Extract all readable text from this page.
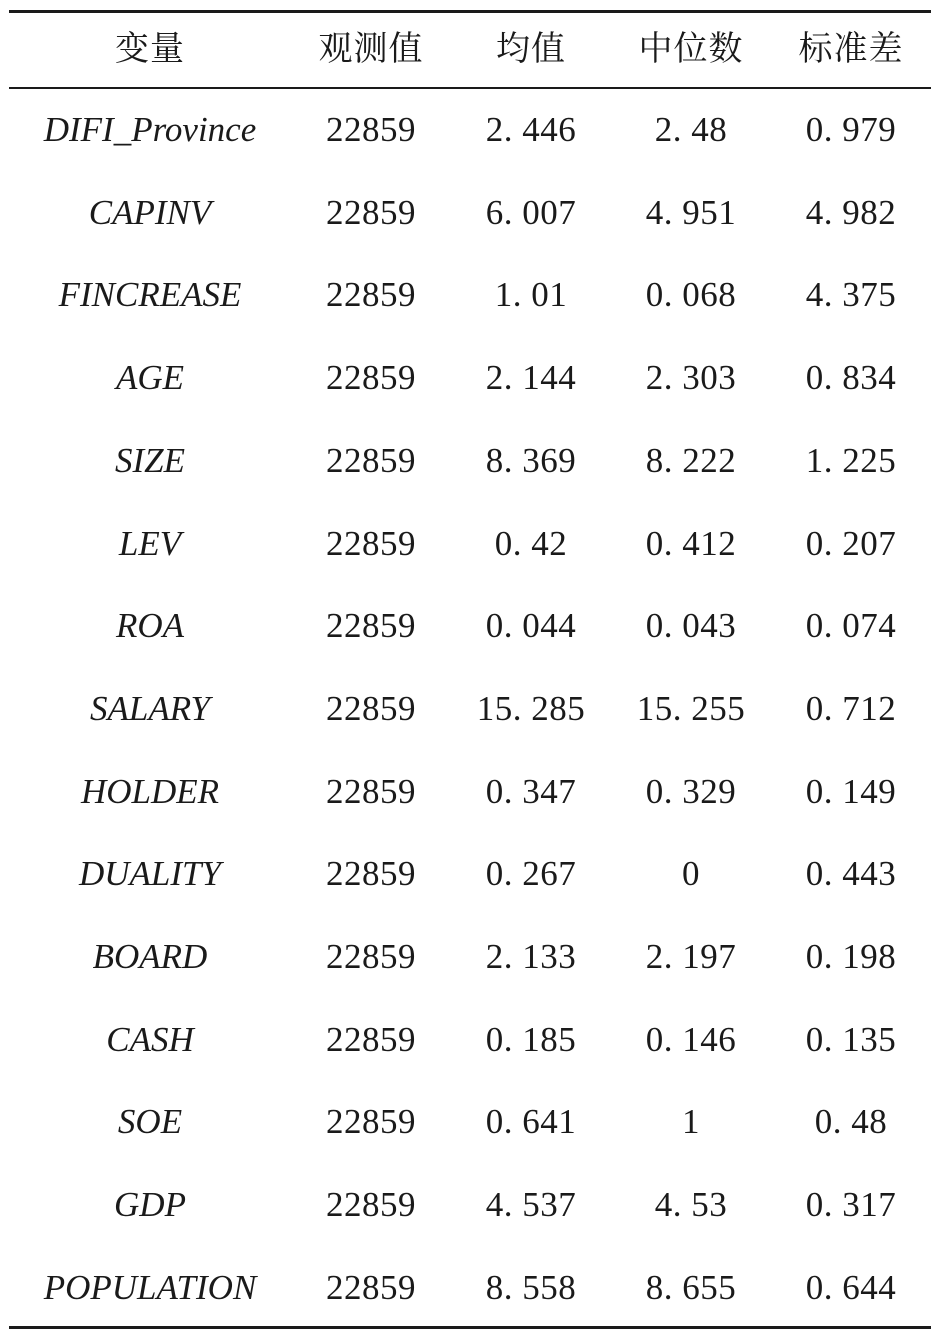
变量	观测值	均值	中位数	标准差
DIFI_Province	22859	2. 446	2. 48	0. 979
CAPINV	22859	6. 007	4. 951	4. 982
FINCREASE	22859	1. 01	0. 068	4. 375
AGE	22859	2. 144	2. 303	0. 834
SIZE	22859	8. 369	8. 222	1. 225
LEV	22859	0. 42	0. 412	0. 207
ROA	22859	0. 044	0. 043	0. 074
SALARY	22859	15. 285	15. 255	0. 712
HOLDER	22859	0. 347	0. 329	0. 149
DUALITY	22859	0. 267	0	0. 443
BOARD	22859	2. 133	2. 197	0. 198
CASH	22859	0. 185	0. 146	0. 135
SOE	22859	0. 641	1	0. 48
GDP	22859	4. 537	4. 53	0. 317
POPULATION	22859	8. 558	8. 655	0. 644
